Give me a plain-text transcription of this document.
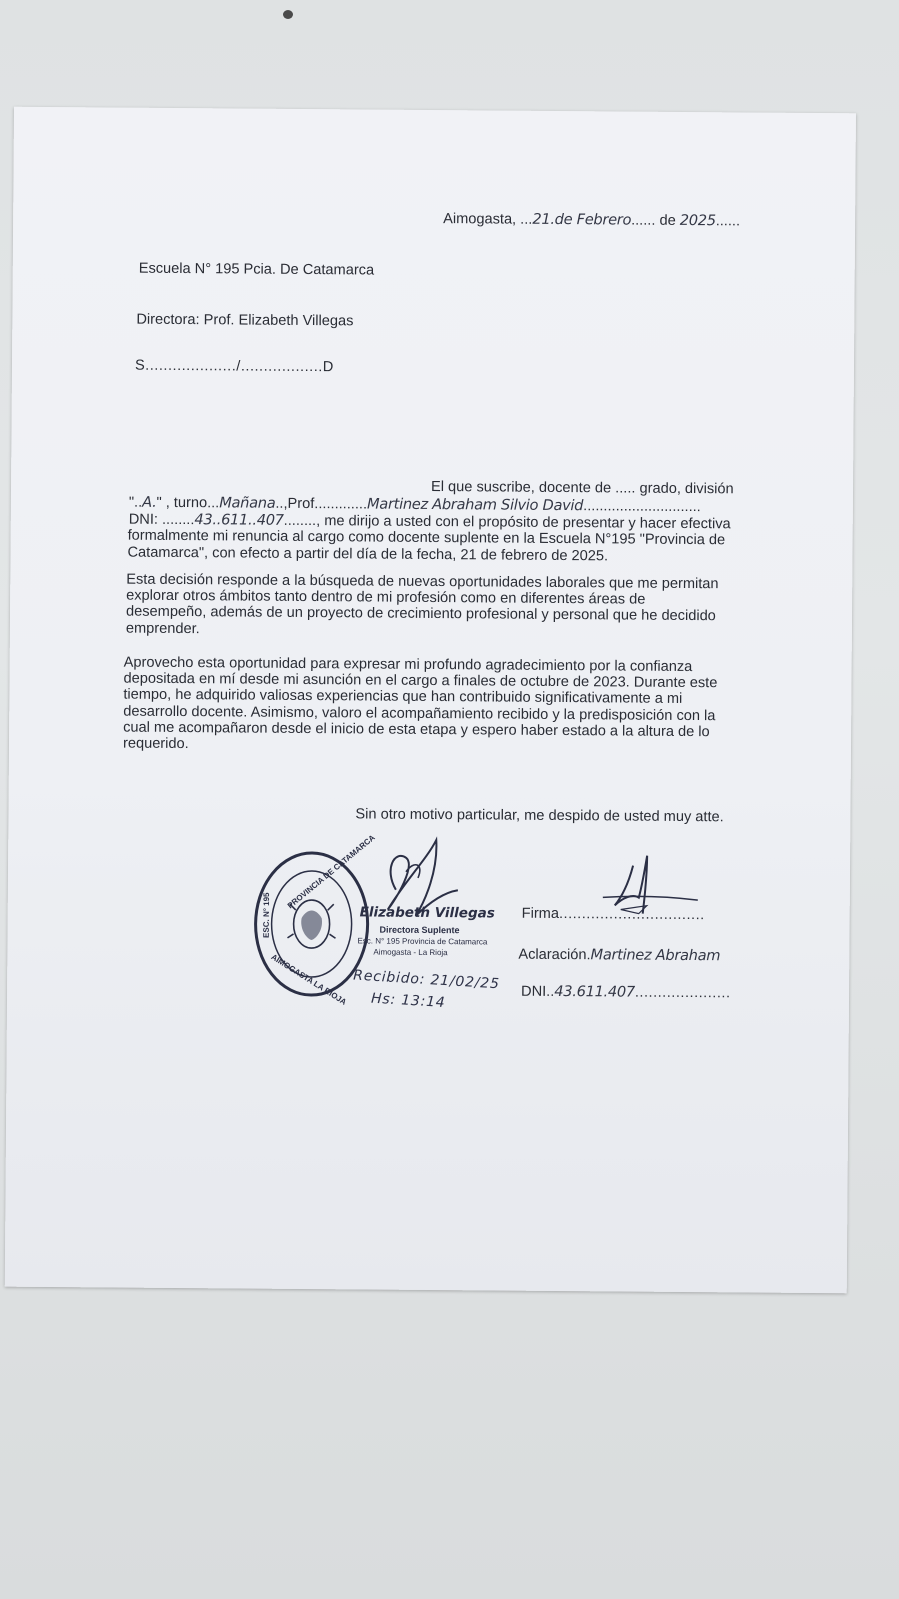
Aimogasta, ...21.de Febrero...... de 2025......
Escuela N° 195 Pcia. De Catamarca
Directora: Prof. Elizabeth Villegas
S..................../..................D
El que suscribe, docente de ..... grado, división
"..A." , turno...Mañana..,Prof.............Martinez Abraham Silvio David.............................
DNI: ........43..611..407........, me dirijo a usted con el propósito de presentar y hacer efectiva
formalmente mi renuncia al cargo como docente suplente en la Escuela N°195 "Provincia de
Catamarca", con efecto a partir del día de la fecha, 21 de febrero de 2025.
Esta decisión responde a la búsqueda de nuevas oportunidades laborales que me permitan
explorar otros ámbitos tanto dentro de mi profesión como en diferentes áreas de
desempeño, además de un proyecto de crecimiento profesional y personal que he decidido
emprender.
Aprovecho esta oportunidad para expresar mi profundo agradecimiento por la confianza
depositada en mí desde mi asunción en el cargo a finales de octubre de 2023. Durante este
tiempo, he adquirido valiosas experiencias que han contribuido significativamente a mi
desarrollo docente. Asimismo, valoro el acompañamiento recibido y la predisposición con la
cual me acompañaron desde el inicio de esta etapa y espero haber estado a la altura de lo
requerido.
Sin otro motivo particular, me despido de usted muy atte.
PROVINCIA DE CATAMARCA
ESC. N° 195
AIMOGASTA LA RIOJA
Elizabeth Villegas
Directora Suplente
Esc. N° 195 Provincia de Catamarca
Aimogasta - La Rioja
Recibido: 21/02/25
Hs: 13:14
Firma................................
Aclaración.Martinez Abraham
DNI..43.611.407.....................
